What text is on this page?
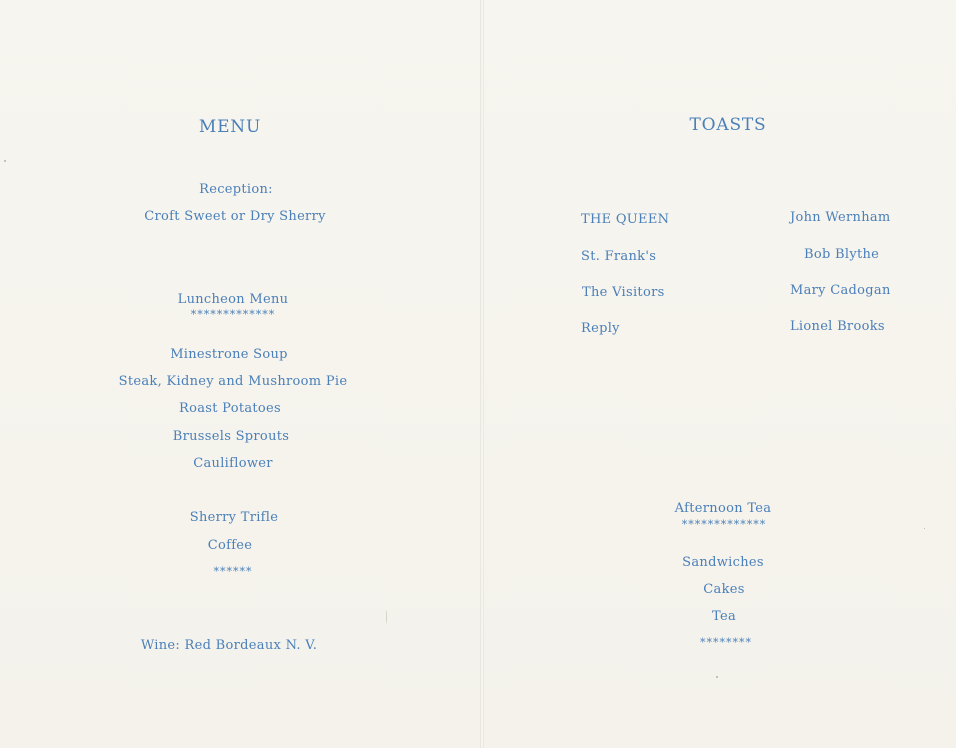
MENU
Reception:
Croft Sweet or Dry Sherry
Luncheon Menu
*************
Minestrone Soup
Steak, Kidney and Mushroom Pie
Roast Potatoes
Brussels Sprouts
Cauliflower
Sherry Trifle
Coffee
******
Wine: Red Bordeaux N. V.
TOASTS
THE QUEEN	John Wernham
St. Frank's	Bob Blythe
The Visitors	Mary Cadogan
Reply	Lionel Brooks
Afternoon Tea
*************
Sandwiches
Cakes
Tea
********
